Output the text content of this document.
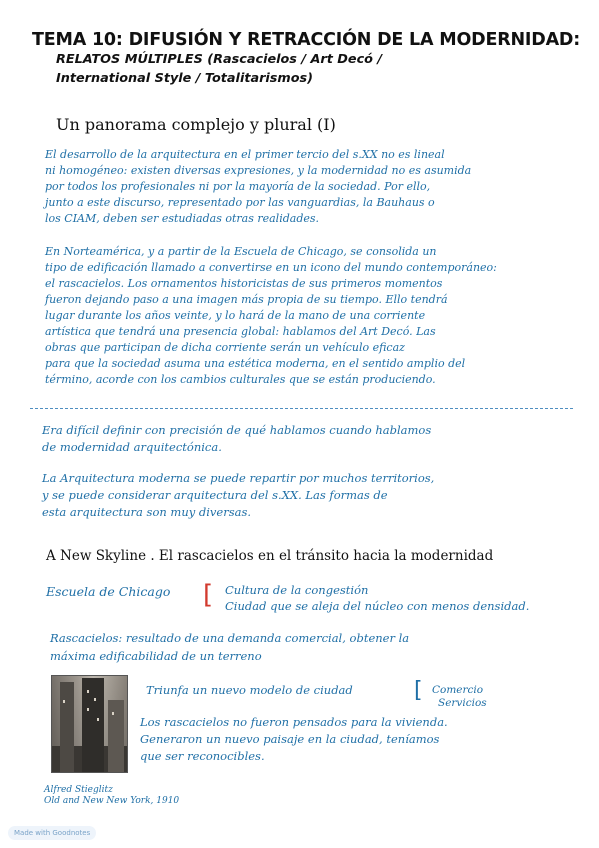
TEMA 10: DIFUSIÓN Y RETRACCIÓN DE LA MODERNIDAD:

RELATOS MÚLTIPLES (Rascacielos / Art Decó /

International Style / Totalitarismos)

Un panorama complejo y plural (I)

El desarrollo de la arquitectura en el primer tercio del s.XX no es lineal
ni homogéneo: existen diversas expresiones, y la modernidad no es asumida
por todos los profesionales ni por la mayoría de la sociedad. Por ello,
junto a este discurso, representado por las vanguardias, la Bauhaus o
los CIAM, deben ser estudiadas otras realidades.
En Norteamérica, y a partir de la Escuela de Chicago, se consolida un
tipo de edificación llamado a convertirse en un icono del mundo contemporáneo:
el rascacielos. Los ornamentos historicistas de sus primeros momentos
fueron dejando paso a una imagen más propia de su tiempo. Ello tendrá
lugar durante los años veinte, y lo hará de la mano de una corriente
artística que tendrá una presencia global: hablamos del Art Decó. Las
obras que participan de dicha corriente serán un vehículo eficaz
para que la sociedad asuma una estética moderna, en el sentido amplio del
término, acorde con los cambios culturales que se están produciendo.
Era difícil definir con precisión de qué hablamos cuando hablamos
de modernidad arquitectónica.
La Arquitectura moderna se puede repartir por muchos territorios,
y se puede considerar arquitectura del s.XX. Las formas de
esta arquitectura son muy diversas.

A New Skyline . El rascacielos en el tránsito hacia la modernidad

Escuela de Chicago [ Cultura de la congestión
Ciudad que se aleja del núcleo con menos densidad.

Rascacielos: resultado de una demanda comercial, obtener la

máxima edificabilidad de un terreno

Alfred Stieglitz

Old and New New York, 1910

Triunfa un nuevo modelo de ciudad	[ Comercio
Servicios
Los rascacielos no fueron pensados para la vivienda.
Generaron un nuevo paisaje en la ciudad, teníamos
que ser reconocibles.
Made with Goodnotes
